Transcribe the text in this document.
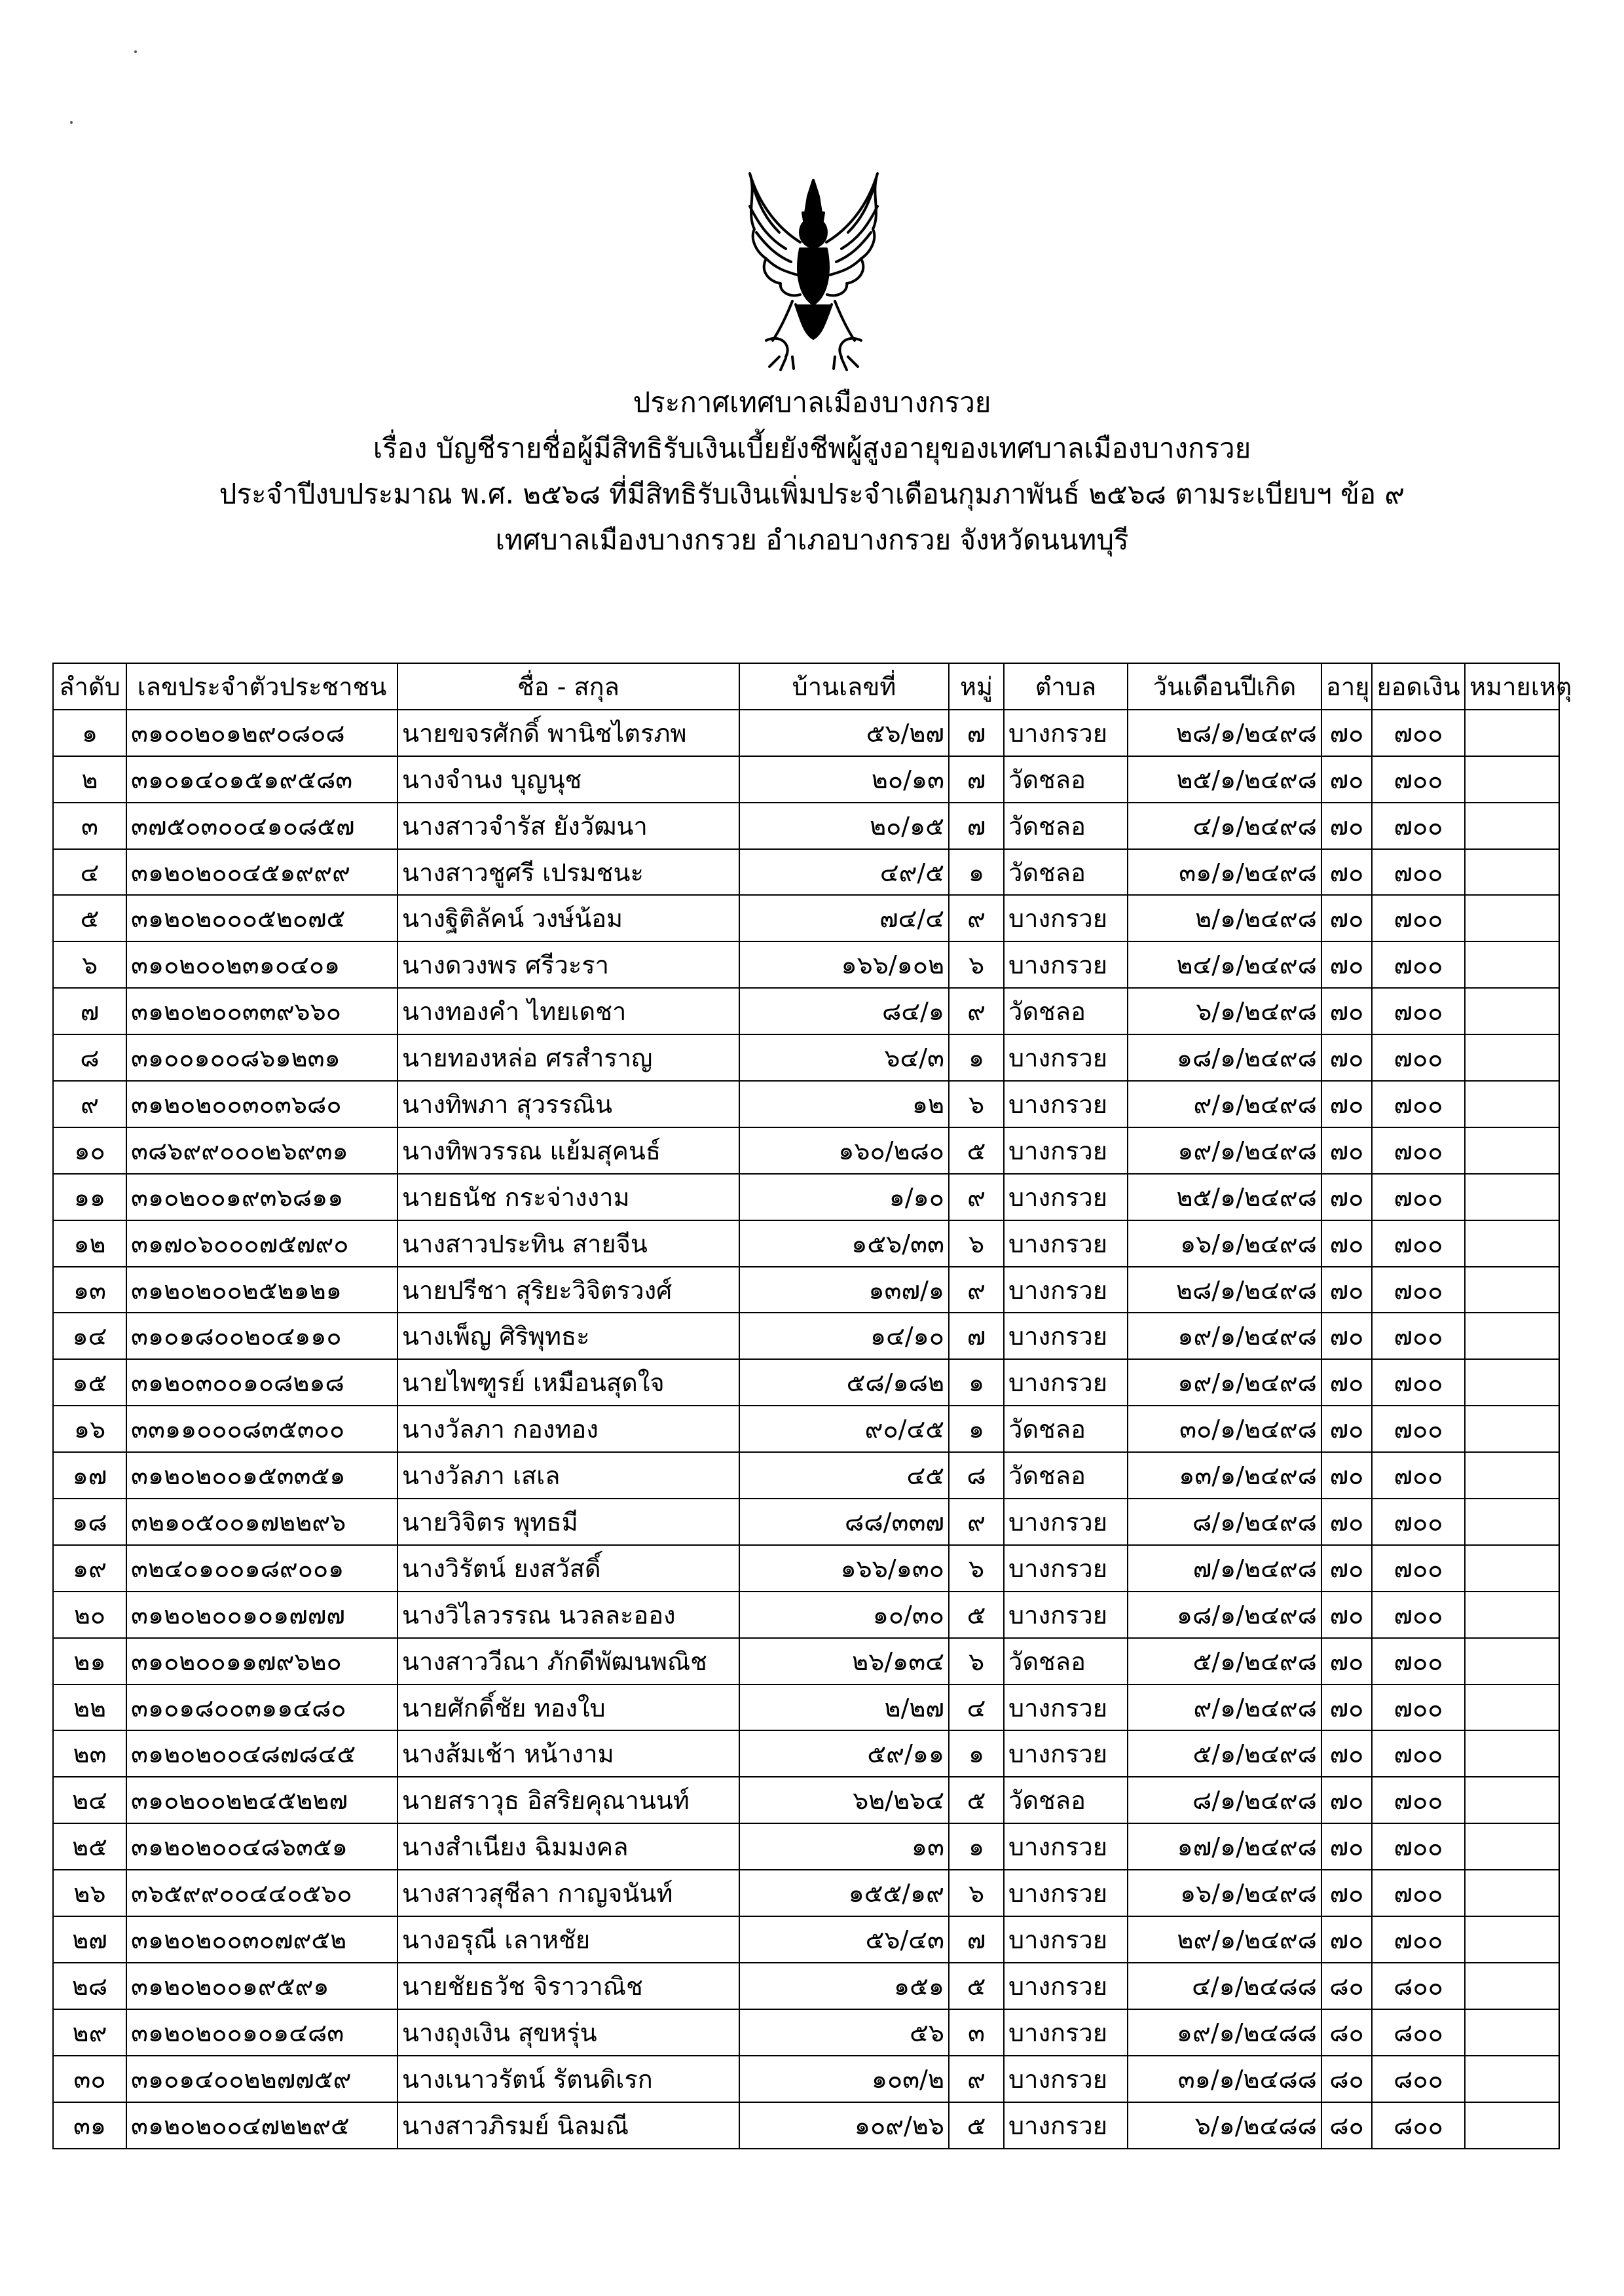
ประกาศเทศบาลเมืองบางกรวย
เรื่อง บัญชีรายชื่อผู้มีสิทธิรับเงินเบี้ยยังชีพผู้สูงอายุของเทศบาลเมืองบางกรวย
ประจำปีงบประมาณ พ.ศ. ๒๕๖๘ ที่มีสิทธิรับเงินเพิ่มประจำเดือนกุมภาพันธ์ ๒๕๖๘ ตามระเบียบฯ ข้อ ๙
เทศบาลเมืองบางกรวย อำเภอบางกรวย จังหวัดนนทบุรี
ลำดับ	เลขประจำตัวประชาชน	ชื่อ - สกุล	บ้านเลขที่	หมู่	ตำบล	วันเดือนปีเกิด	อายุ	ยอดเงิน	หมายเหตุ
๑	๓๑๐๐๒๐๑๒๙๐๘๐๘	นายขจรศักดิ์ พานิชไตรภพ	๕๖/๒๗	๗	บางกรวย	๒๘/๑/๒๔๙๘	๗๐	๗๐๐	
๒	๓๑๐๑๔๐๑๕๑๙๕๘๓	นางจำนง บุญนุช	๒๐/๑๓	๗	วัดชลอ	๒๕/๑/๒๔๙๘	๗๐	๗๐๐	
๓	๓๗๕๐๓๐๐๔๑๐๘๕๗	นางสาวจำรัส ยังวัฒนา	๒๐/๑๕	๗	วัดชลอ	๔/๑/๒๔๙๘	๗๐	๗๐๐	
๔	๓๑๒๐๒๐๐๔๕๑๙๙๙	นางสาวชูศรี เปรมชนะ	๔๙/๕	๑	วัดชลอ	๓๑/๑/๒๔๙๘	๗๐	๗๐๐	
๕	๓๑๒๐๒๐๐๐๕๒๐๗๕	นางฐิติลัคน์ วงษ์น้อม	๗๔/๔	๙	บางกรวย	๒/๑/๒๔๙๘	๗๐	๗๐๐	
๖	๓๑๐๒๐๐๒๓๑๐๔๐๑	นางดวงพร ศรีวะรา	๑๖๖/๑๐๒	๖	บางกรวย	๒๔/๑/๒๔๙๘	๗๐	๗๐๐	
๗	๓๑๒๐๒๐๐๓๓๙๖๖๐	นางทองคำ ไทยเดชา	๘๔/๑	๙	วัดชลอ	๖/๑/๒๔๙๘	๗๐	๗๐๐	
๘	๓๑๐๐๑๐๐๘๖๑๒๓๑	นายทองหล่อ ศรสำราญ	๖๔/๓	๑	บางกรวย	๑๘/๑/๒๔๙๘	๗๐	๗๐๐	
๙	๓๑๒๐๒๐๐๓๐๓๖๘๐	นางทิพภา สุวรรณิน	๑๒	๖	บางกรวย	๙/๑/๒๔๙๘	๗๐	๗๐๐	
๑๐	๓๘๖๙๙๐๐๐๒๖๙๓๑	นางทิพวรรณ แย้มสุคนธ์	๑๖๐/๒๘๐	๕	บางกรวย	๑๙/๑/๒๔๙๘	๗๐	๗๐๐	
๑๑	๓๑๐๒๐๐๑๙๓๖๘๑๑	นายธนัช กระจ่างงาม	๑/๑๐	๙	บางกรวย	๒๕/๑/๒๔๙๘	๗๐	๗๐๐	
๑๒	๓๑๗๐๖๐๐๐๗๕๗๙๐	นางสาวประทิน สายจีน	๑๕๖/๓๓	๖	บางกรวย	๑๖/๑/๒๔๙๘	๗๐	๗๐๐	
๑๓	๓๑๒๐๒๐๐๒๕๒๑๒๑	นายปรีชา สุริยะวิจิตรวงศ์	๑๓๗/๑	๙	บางกรวย	๒๘/๑/๒๔๙๘	๗๐	๗๐๐	
๑๔	๓๑๐๑๘๐๐๒๐๔๑๑๐	นางเพ็ญ ศิริพุทธะ	๑๔/๑๐	๗	บางกรวย	๑๙/๑/๒๔๙๘	๗๐	๗๐๐	
๑๕	๓๑๒๐๓๐๐๑๐๘๒๑๘	นายไพฑูรย์ เหมือนสุดใจ	๕๘/๑๘๒	๑	บางกรวย	๑๙/๑/๒๔๙๘	๗๐	๗๐๐	
๑๖	๓๓๑๑๐๐๐๘๓๕๓๐๐	นางวัลภา กองทอง	๙๐/๔๕	๑	วัดชลอ	๓๐/๑/๒๔๙๘	๗๐	๗๐๐	
๑๗	๓๑๒๐๒๐๐๑๕๓๓๕๑	นางวัลภา เสเล	๔๕	๘	วัดชลอ	๑๓/๑/๒๔๙๘	๗๐	๗๐๐	
๑๘	๓๒๑๐๕๐๐๑๗๒๒๙๖	นายวิจิตร พุทธมี	๘๘/๓๓๗	๙	บางกรวย	๘/๑/๒๔๙๘	๗๐	๗๐๐	
๑๙	๓๒๔๐๑๐๐๑๘๙๐๐๑	นางวิรัตน์ ยงสวัสดิ์	๑๖๖/๑๓๐	๖	บางกรวย	๗/๑/๒๔๙๘	๗๐	๗๐๐	
๒๐	๓๑๒๐๒๐๐๑๐๑๗๗๗	นางวิไลวรรณ นวลละออง	๑๐/๓๐	๕	บางกรวย	๑๘/๑/๒๔๙๘	๗๐	๗๐๐	
๒๑	๓๑๐๒๐๐๑๑๗๙๖๒๐	นางสาววีณา ภักดีพัฒนพณิช	๒๖/๑๓๔	๖	วัดชลอ	๕/๑/๒๔๙๘	๗๐	๗๐๐	
๒๒	๓๑๐๑๘๐๐๓๑๑๔๘๐	นายศักดิ์ชัย ทองใบ	๒/๒๗	๔	บางกรวย	๙/๑/๒๔๙๘	๗๐	๗๐๐	
๒๓	๓๑๒๐๒๐๐๔๘๗๘๔๕	นางส้มเช้า หน้างาม	๕๙/๑๑	๑	บางกรวย	๕/๑/๒๔๙๘	๗๐	๗๐๐	
๒๔	๓๑๐๒๐๐๒๒๔๕๒๒๗	นายสราวุธ อิสริยคุณานนท์	๖๒/๒๖๔	๕	วัดชลอ	๘/๑/๒๔๙๘	๗๐	๗๐๐	
๒๕	๓๑๒๐๒๐๐๔๘๖๓๕๑	นางสำเนียง ฉิมมงคล	๑๓	๑	บางกรวย	๑๗/๑/๒๔๙๘	๗๐	๗๐๐	
๒๖	๓๖๕๙๙๐๐๔๔๐๕๖๐	นางสาวสุชีลา กาญจนันท์	๑๕๕/๑๙	๖	บางกรวย	๑๖/๑/๒๔๙๘	๗๐	๗๐๐	
๒๗	๓๑๒๐๒๐๐๓๐๗๙๕๒	นางอรุณี เลาหชัย	๕๖/๔๓	๗	บางกรวย	๒๙/๑/๒๔๙๘	๗๐	๗๐๐	
๒๘	๓๑๒๐๒๐๐๑๙๕๙๑	นายชัยธวัช จิราวาณิช	๑๕๑	๕	บางกรวย	๔/๑/๒๔๘๘	๘๐	๘๐๐	
๒๙	๓๑๒๐๒๐๐๑๐๑๔๘๓	นางถุงเงิน สุขหรุ่น	๕๖	๓	บางกรวย	๑๙/๑/๒๔๘๘	๘๐	๘๐๐	
๓๐	๓๑๐๑๔๐๐๒๒๗๗๕๙	นางเนาวรัตน์ รัตนดิเรก	๑๐๓/๒	๙	บางกรวย	๓๑/๑/๒๔๘๘	๘๐	๘๐๐	
๓๑	๓๑๒๐๒๐๐๔๗๒๒๙๕	นางสาวภิรมย์ นิลมณี	๑๐๙/๒๖	๕	บางกรวย	๖/๑/๒๔๘๘	๘๐	๘๐๐	
